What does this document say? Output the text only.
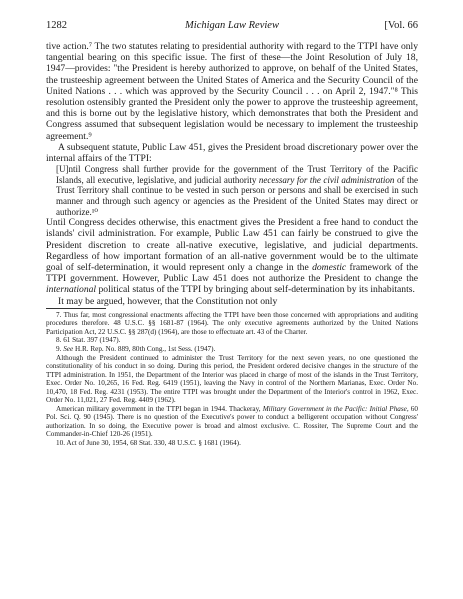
1282	Michigan Law Review	[Vol. 66

tive action.⁷ The two statutes relating to presidential authority with regard to the TTPI have only tangential bearing on this specific issue. The first of these—the Joint Resolution of July 18, 1947—provides: "the President is hereby authorized to approve, on behalf of the United States, the trusteeship agreement between the United States of America and the Security Council of the United Nations . . . which was approved by the Security Council . . . on April 2, 1947."⁸ This resolution ostensibly granted the President only the power to approve the trusteeship agreement, and this is borne out by the legislative history, which demonstrates that both the President and Congress assumed that subsequent legislation would be necessary to implement the trusteeship agreement.⁹

A subsequent statute, Public Law 451, gives the President broad discretionary power over the internal affairs of the TTPI:

[U]ntil Congress shall further provide for the government of the Trust Territory of the Pacific Islands, all executive, legislative, and judicial authority necessary for the civil administration of the Trust Territory shall continue to be vested in such person or persons and shall be exercised in such manner and through such agency or agencies as the President of the United States may direct or authorize.¹⁰

Until Congress decides otherwise, this enactment gives the President a free hand to conduct the islands' civil administration. For example, Public Law 451 can fairly be construed to give the President discretion to create all-native executive, legislative, and judicial departments. Regardless of how important formation of an all-native government would be to the ultimate goal of self-determination, it would represent only a change in the domestic framework of the TTPI government. However, Public Law 451 does not authorize the President to change the international political status of the TTPI by bringing about self-determination by its inhabitants.

It may be argued, however, that the Constitution not only

7. Thus far, most congressional enactments affecting the TTPI have been those concerned with appropriations and auditing procedures therefore. 48 U.S.C. §§ 1681-87 (1964). The only executive agreements authorized by the United Nations Participation Act, 22 U.S.C. §§ 287(d) (1964), are those to effectuate art. 43 of the Charter.

8. 61 Stat. 397 (1947).

9. See H.R. Rep. No. 889, 80th Cong., 1st Sess. (1947).

Although the President continued to administer the Trust Territory for the next seven years, no one questioned the constitutionality of his conduct in so doing. During this period, the President ordered decisive changes in the structure of the TTPI administration. In 1951, the Department of the Interior was placed in charge of most of the islands in the Trust Territory, Exec. Order No. 10,265, 16 Fed. Reg. 6419 (1951), leaving the Navy in control of the Northern Marianas, Exec. Order No. 10,470, 18 Fed. Reg. 4231 (1953). The entire TTPI was brought under the Department of the Interior's control in 1962, Exec. Order No. 11,021, 27 Fed. Reg. 4409 (1962).

American military government in the TTPI began in 1944. Thackeray, Military Government in the Pacific: Initial Phase, 60 Pol. Sci. Q. 90 (1945). There is no question of the Executive's power to conduct a belligerent occupation without Congress' authorization. In so doing, the Executive power is broad and almost exclusive. C. Rossiter, The Supreme Court and the Commander-in-Chief 120-26 (1951).

10. Act of June 30, 1954, 68 Stat. 330, 48 U.S.C. § 1681 (1964).
